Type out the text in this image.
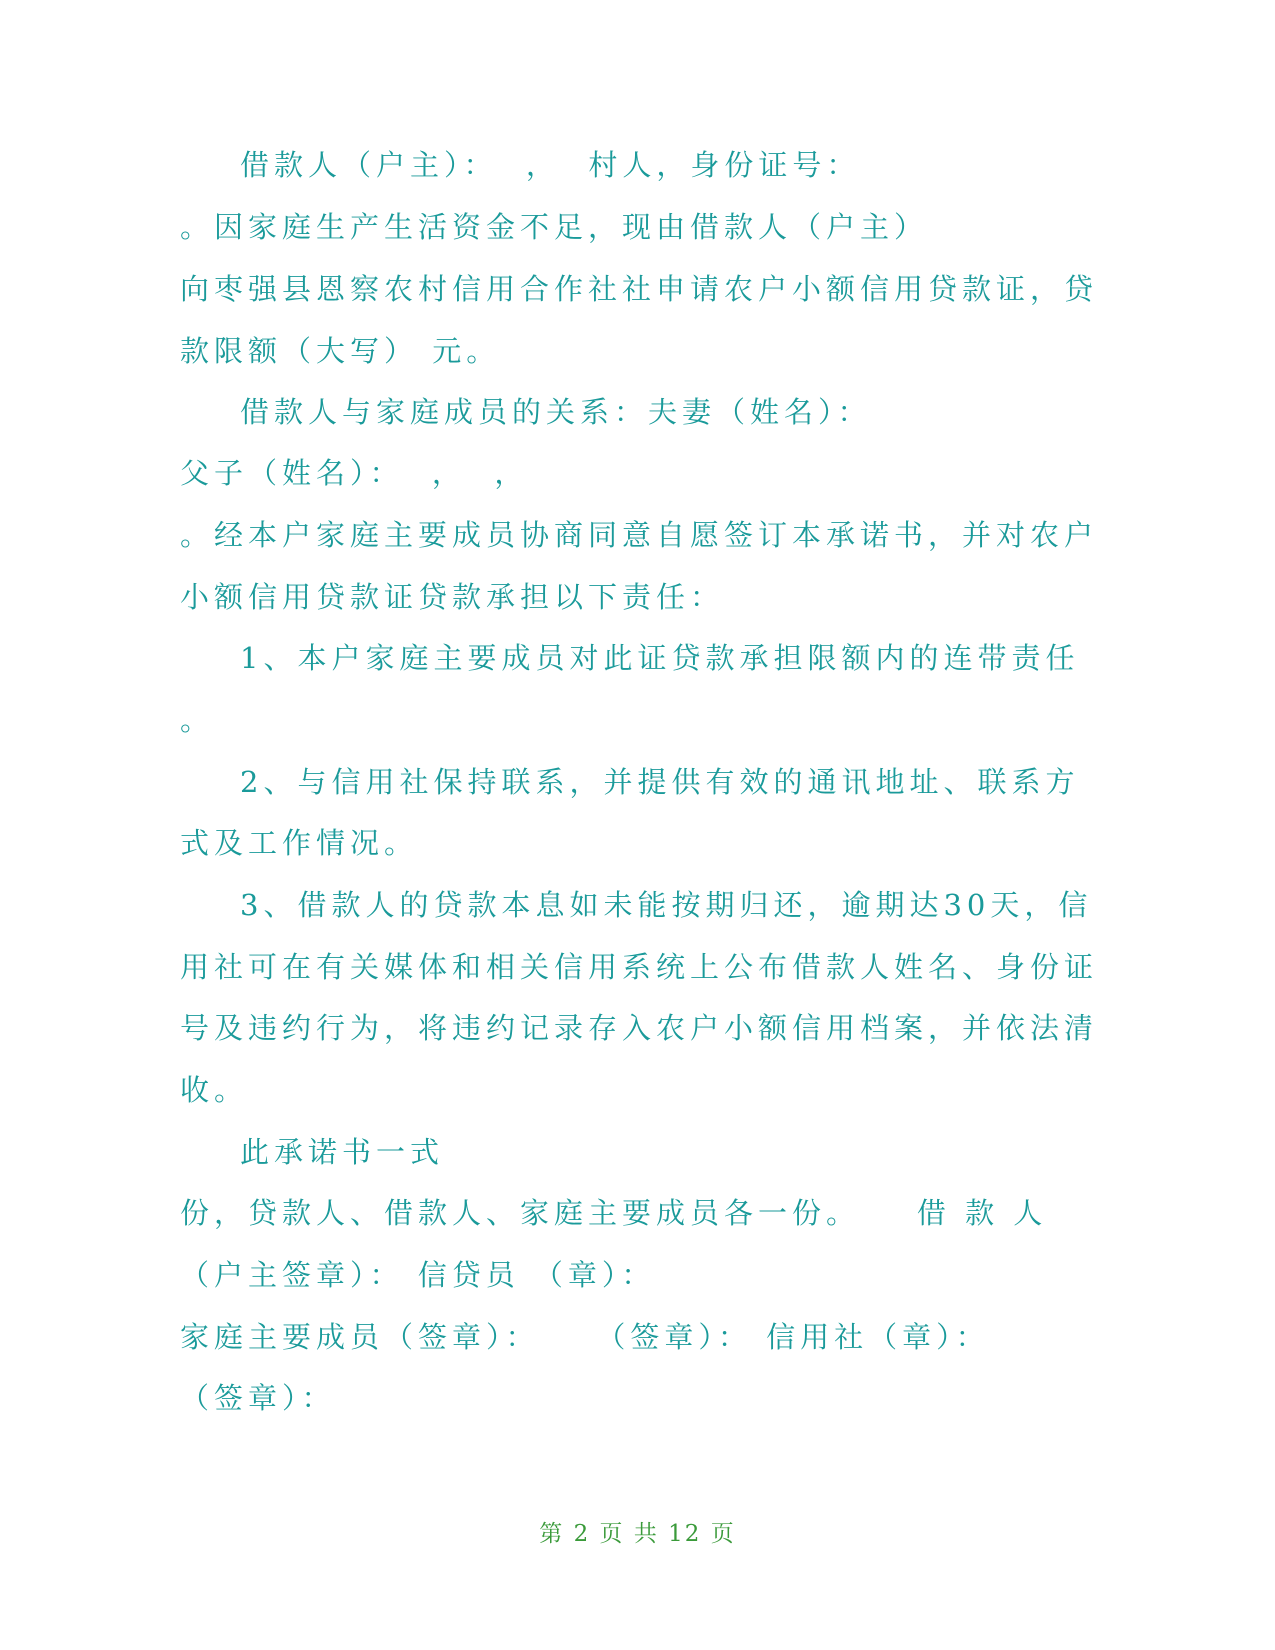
借款人（户主）：  ，  村人，身份证号：
。因家庭生产生活资金不足，现由借款人（户主）
向枣强县恩察农村信用合作社社申请农户小额信用贷款证，贷
款限额（大写） 元。
借款人与家庭成员的关系：夫妻（姓名）：
父子（姓名）：  ，  ，
。经本户家庭主要成员协商同意自愿签订本承诺书，并对农户
小额信用贷款证贷款承担以下责任：
1、本户家庭主要成员对此证贷款承担限额内的连带责任
。
2、与信用社保持联系，并提供有效的通讯地址、联系方
式及工作情况。
3、借款人的贷款本息如未能按期归还，逾期达30天，信
用社可在有关媒体和相关信用系统上公布借款人姓名、身份证
号及违约行为，将违约记录存入农户小额信用档案，并依法清
收。
此承诺书一式
份，贷款人、借款人、家庭主要成员各一份。    借 款 人
（户主签章）： 信贷员 （章）：
家庭主要成员（签章）：    （签章）： 信用社（章）：
（签章）：
第 2 页 共 12 页
